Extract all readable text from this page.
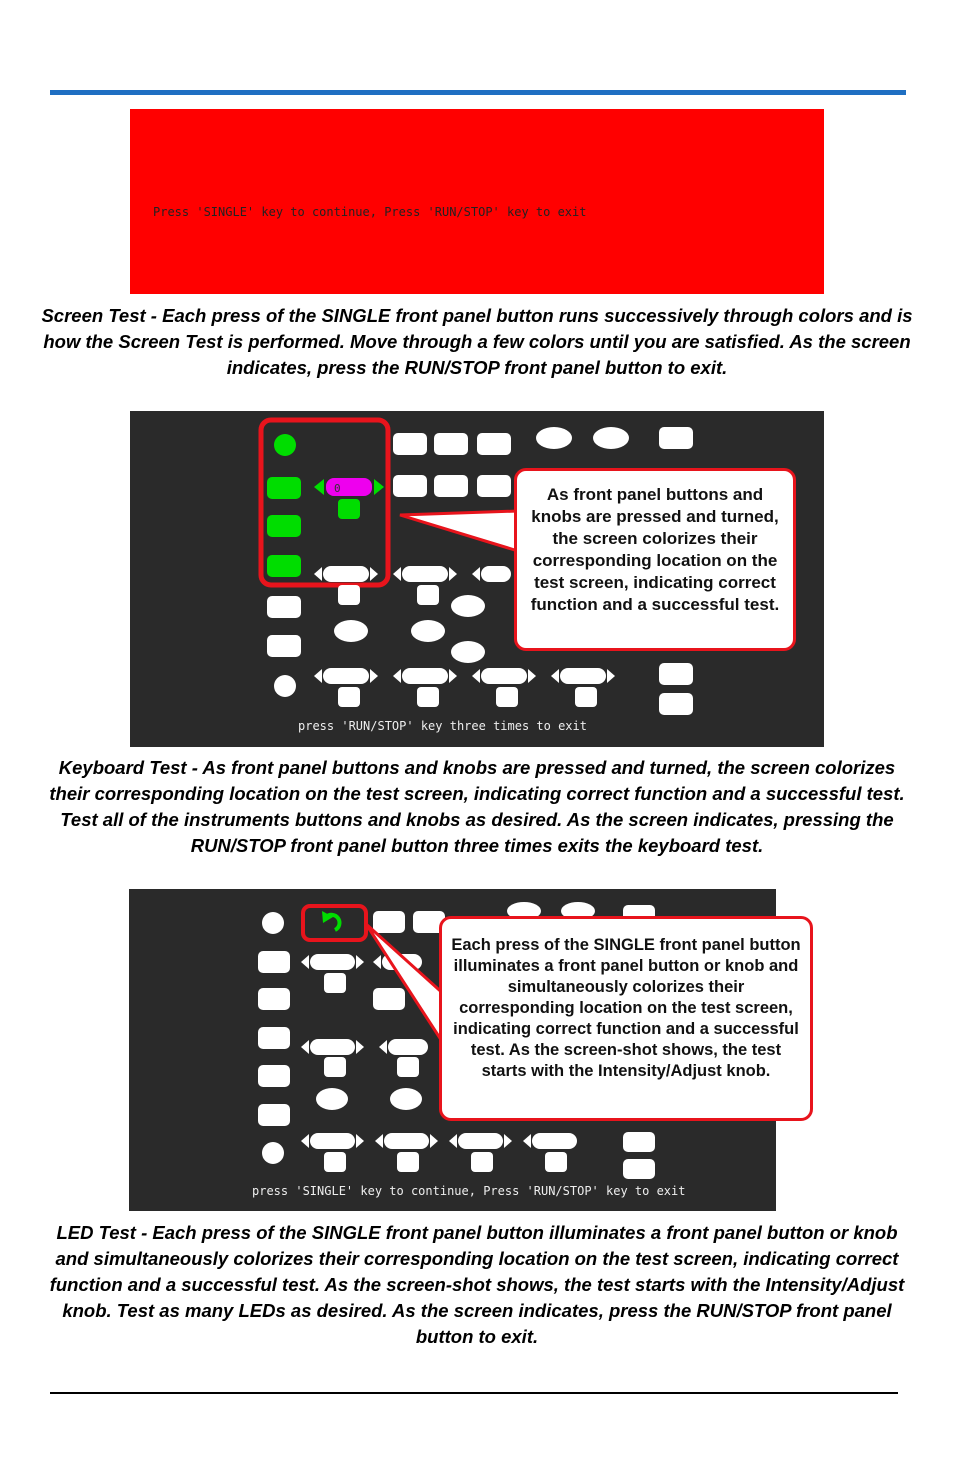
Press 'SINGLE' key to continue, Press 'RUN/STOP' key to exit
Screen Test - Each press of the SINGLE front panel button runs successively through colors and is how the Screen Test is performed. Move through a few colors until you are satisfied. As the screen indicates, press the RUN/STOP front panel button to exit.
0	As front panel buttons and knobs are pressed and turned, the screen colorizes their corresponding location on the test screen, indicating correct function and a successful test.
press 'RUN/STOP' key three times to exit
Keyboard Test - As front panel buttons and knobs are pressed and turned, the screen colorizes their corresponding location on the test screen, indicating correct function and a successful test. Test all of the instruments buttons and knobs as desired. As the screen indicates, pressing the RUN/STOP front panel button three times exits the keyboard test.
Each press of the SINGLE front panel button illuminates a front panel button or knob and simultaneously colorizes their corresponding location on the test screen, indicating correct function and a successful test. As the screen-shot shows, the test starts with the Intensity/Adjust knob.
press 'SINGLE' key to continue, Press 'RUN/STOP' key to exit
LED Test - Each press of the SINGLE front panel button illuminates a front panel button or knob and simultaneously colorizes their corresponding location on the test screen, indicating correct function and a successful test. As the screen-shot shows, the test starts with the Intensity/Adjust knob. Test as many LEDs as desired. As the screen indicates, press the RUN/STOP front panel button to exit.
